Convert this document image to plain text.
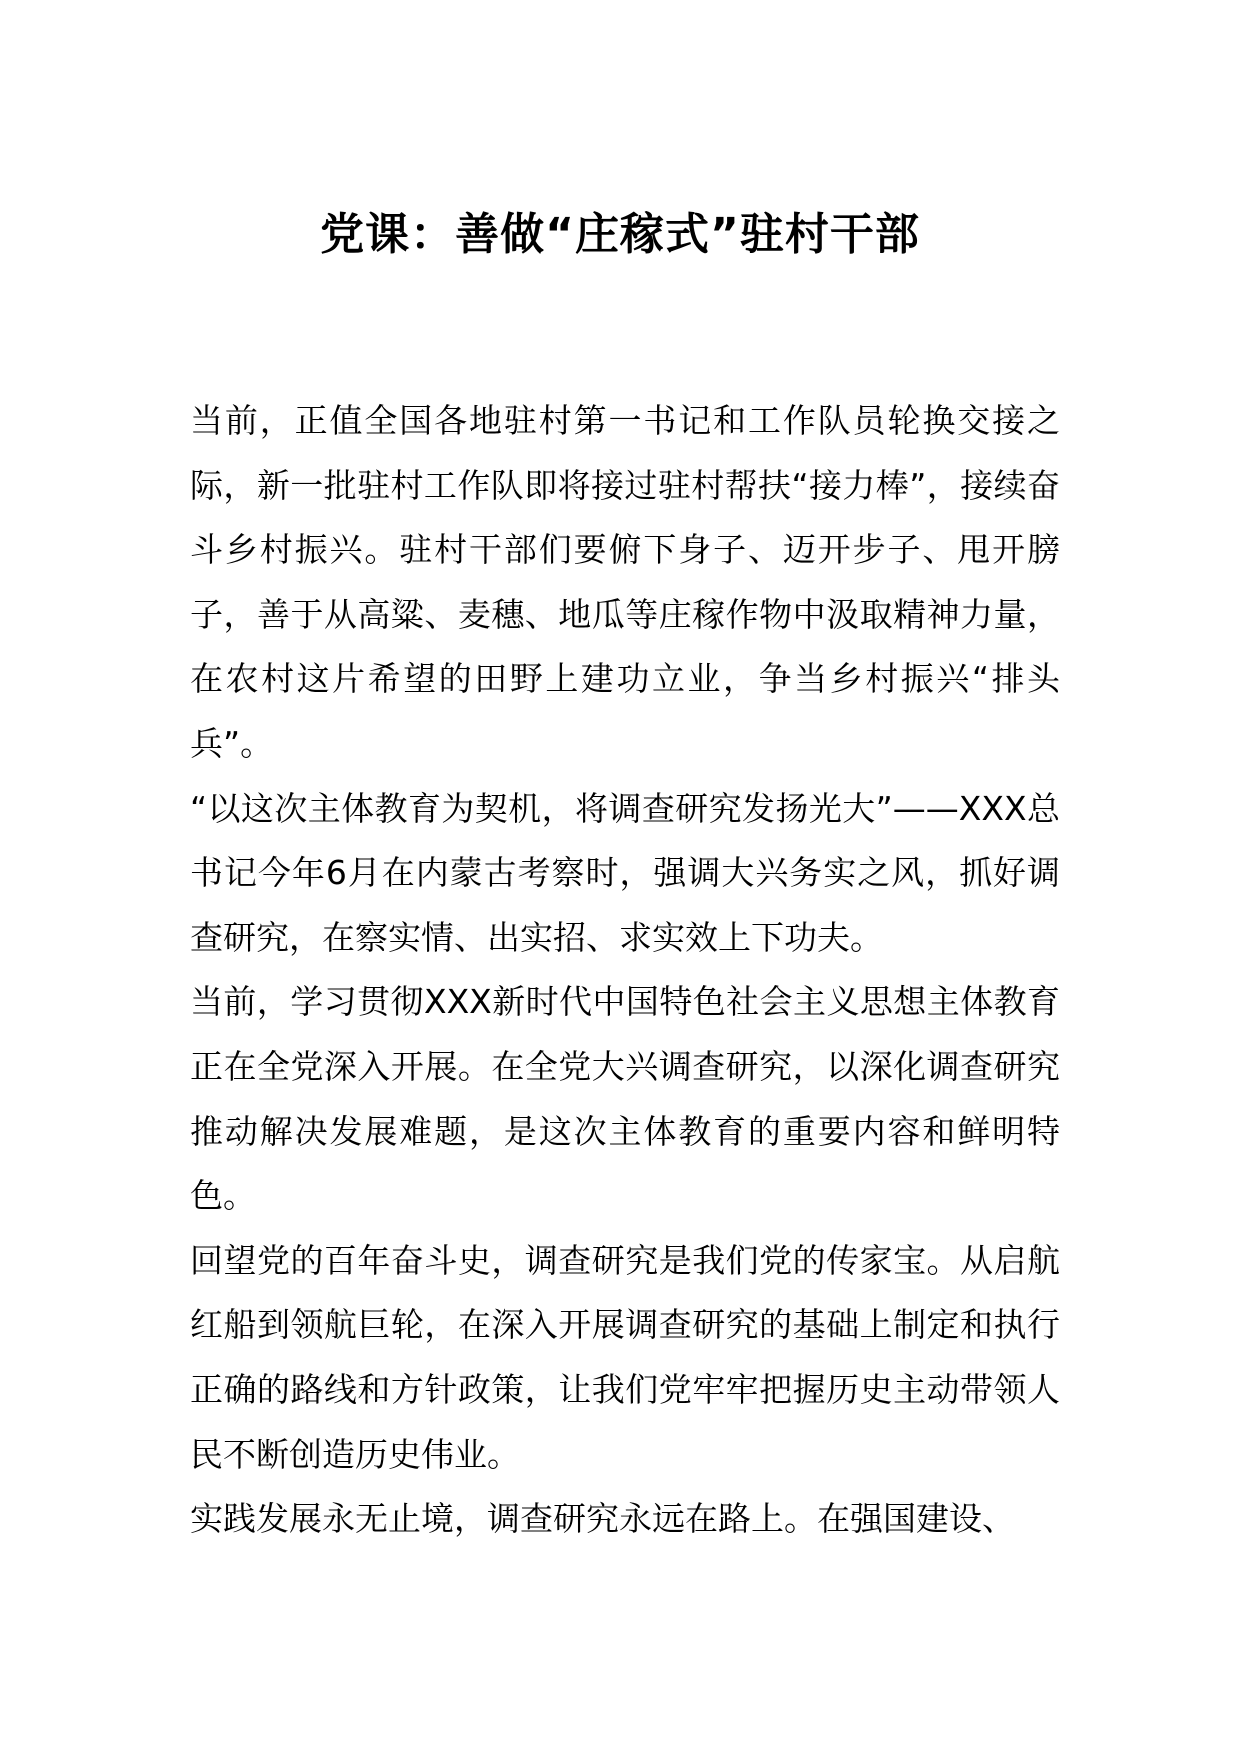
党课：善做“庄稼式”驻村干部

当前，正值全国各地驻村第一书记和工作队员轮换交接之际，新一批驻村工作队即将接过驻村帮扶“接力棒”，接续奋斗乡村振兴。驻村干部们要俯下身子、迈开步子、甩开膀子，善于从高粱、麦穗、地瓜等庄稼作物中汲取精神力量，在农村这片希望的田野上建功立业，争当乡村振兴“排头兵”。

“以这次主体教育为契机，将调查研究发扬光大”——XXX总书记今年6月在内蒙古考察时，强调大兴务实之风，抓好调查研究，在察实情、出实招、求实效上下功夫。

当前，学习贯彻XXX新时代中国特色社会主义思想主体教育正在全党深入开展。在全党大兴调查研究，以深化调查研究推动解决发展难题，是这次主体教育的重要内容和鲜明特色。

回望党的百年奋斗史，调查研究是我们党的传家宝。从启航红船到领航巨轮，在深入开展调查研究的基础上制定和执行正确的路线和方针政策，让我们党牢牢把握历史主动带领人民不断创造历史伟业。

实践发展永无止境，调查研究永远在路上。在强国建设、
